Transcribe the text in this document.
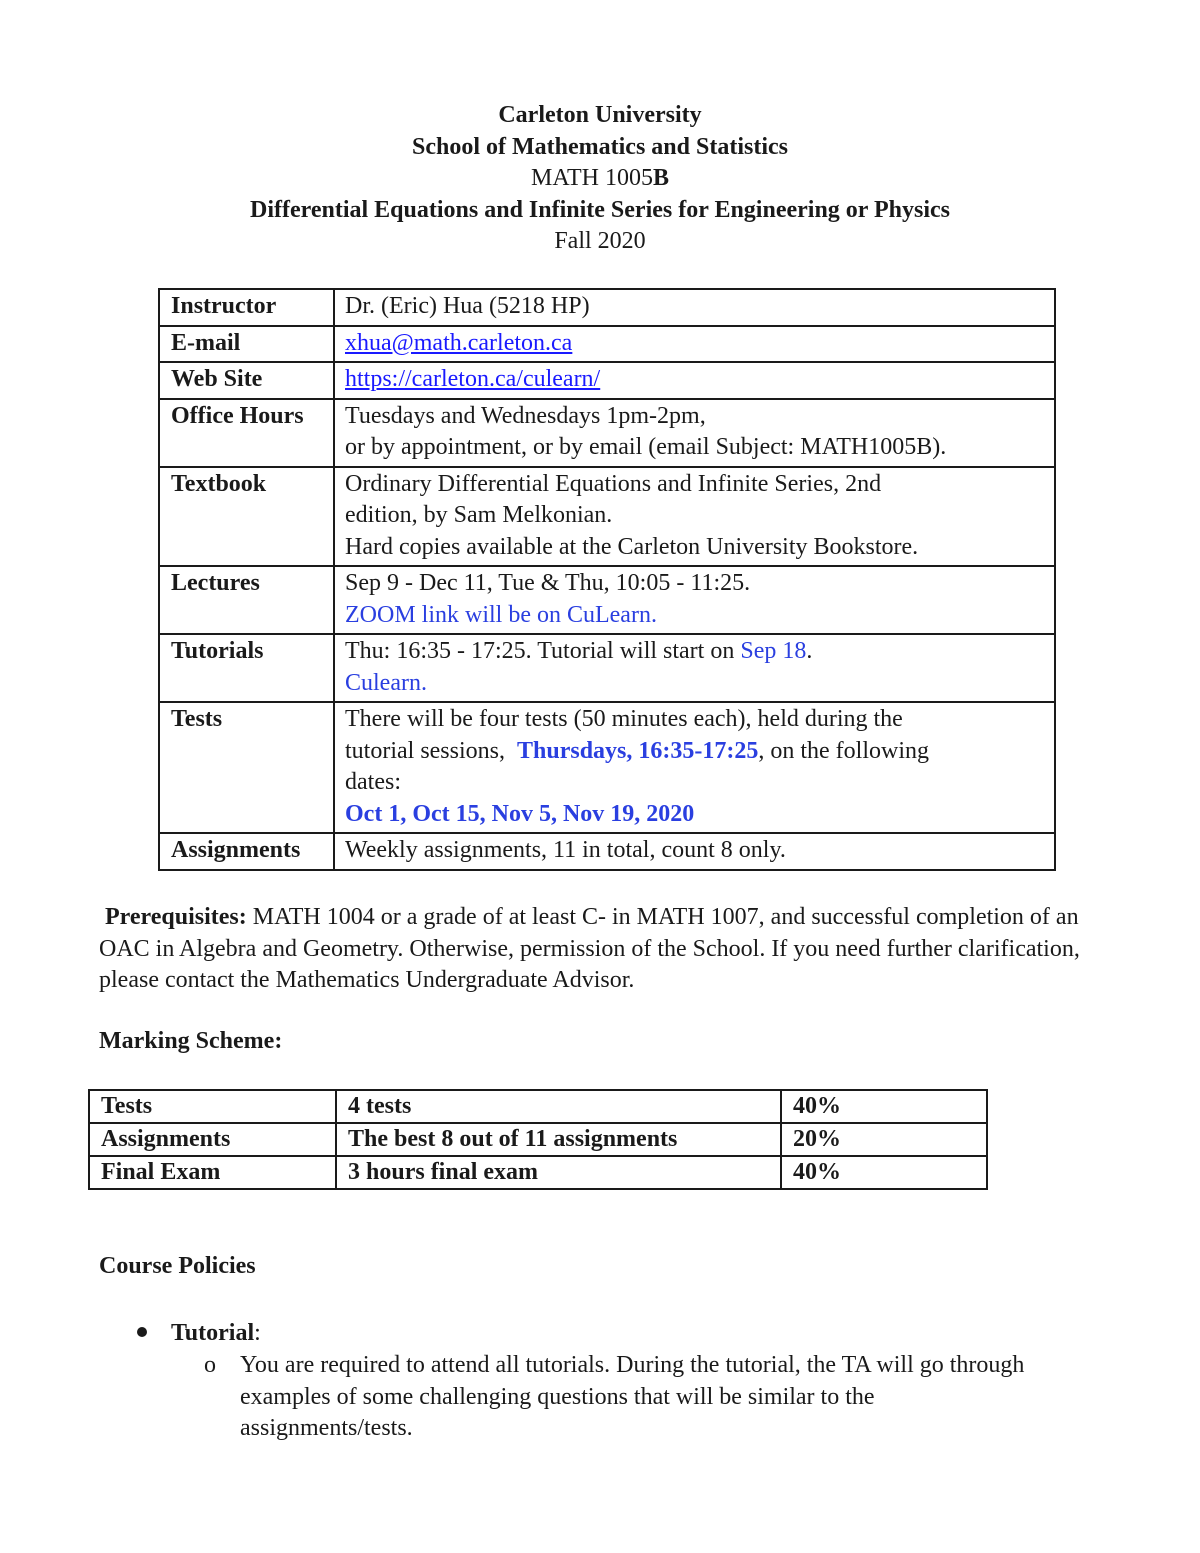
Carleton University
School of Mathematics and Statistics
MATH 1005B
Differential Equations and Infinite Series for Engineering or Physics
Fall 2020
Instructor	Dr. (Eric) Hua (5218 HP)
E-mail	xhua@math.carleton.ca
Web Site	https://carleton.ca/culearn/
Office Hours	Tuesdays and Wednesdays 1pm-2pm,
or by appointment, or by email (email Subject: MATH1005B).

Textbook	Ordinary Differential Equations and Infinite Series, 2nd
edition, by Sam Melkonian.
Hard copies available at the Carleton University Bookstore.

Lectures	Sep 9 - Dec 11, Tue & Thu, 10:05 - 11:25.
ZOOM link will be on CuLearn.

Tutorials	Thu: 16:35 - 17:25. Tutorial will start on Sep 18.
Culearn.

Tests	There will be four tests (50 minutes each), held during the
tutorial sessions,  Thursdays, 16:35-17:25, on the following
dates:
Oct 1, Oct 15, Nov 5, Nov 19, 2020

Assignments	Weekly assignments, 11 in total, count 8 only.
Prerequisites: MATH 1004 or a grade of at least C- in MATH 1007, and successful completion of an OAC in Algebra and Geometry. Otherwise, permission of the School. If you need further clarification, please contact the Mathematics Undergraduate Advisor.
Marking Scheme:
Tests	4 tests	40%
Assignments	The best 8 out of 11 assignments	20%
Final Exam	3 hours final exam	40%
Course Policies
Tutorial:
o You are required to attend all tutorials. During the tutorial, the TA will go through examples of some challenging questions that will be similar to the assignments/tests.
